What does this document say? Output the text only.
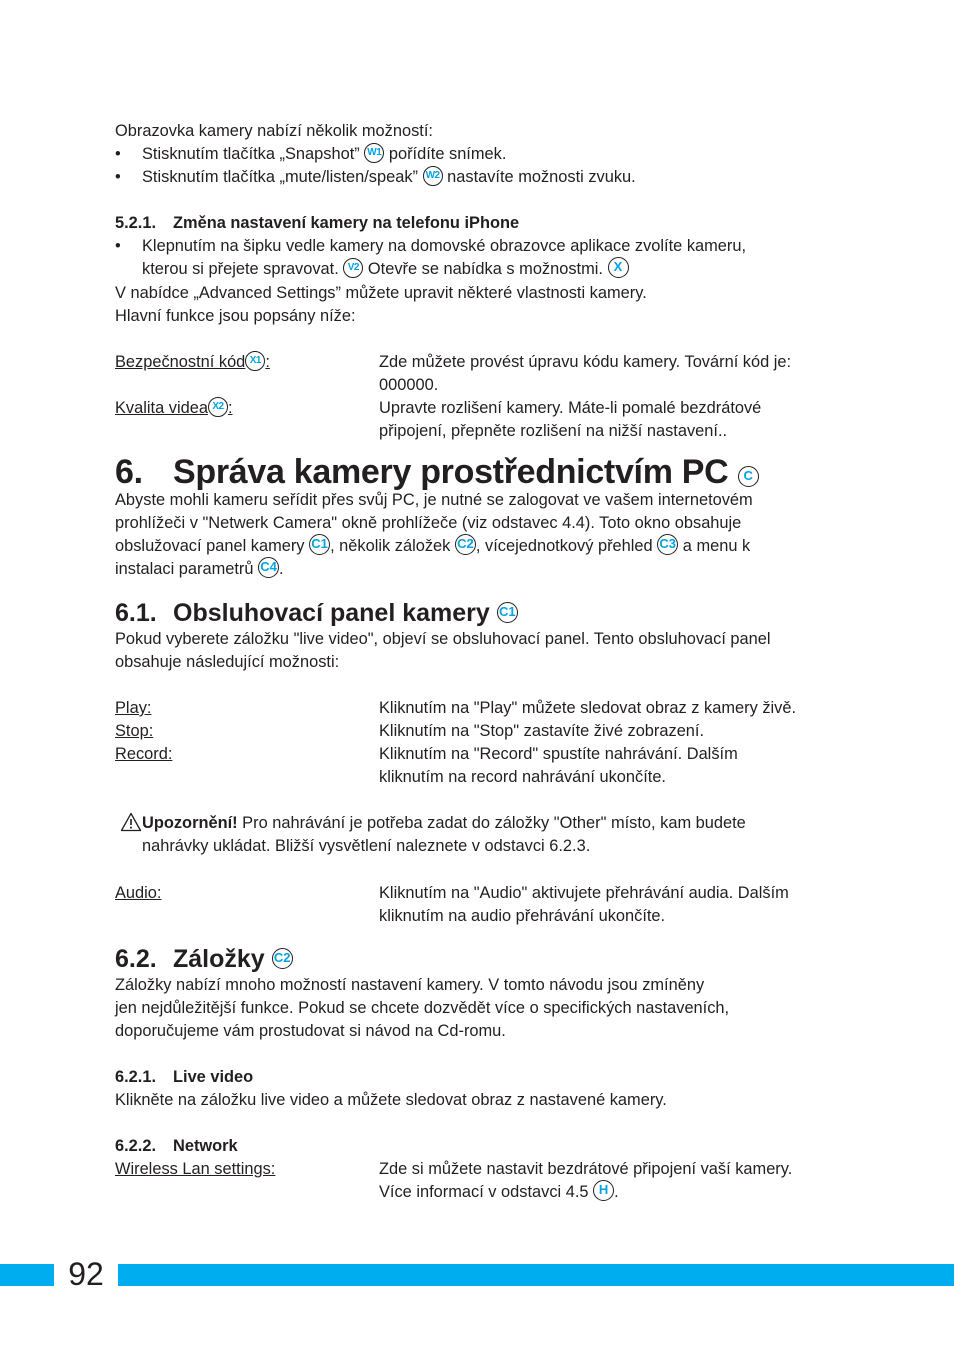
Obrazovka kamery nabízí několik možností:

• Stisknutím tlačítka „Snapshot” W1 pořídíte snímek.
• Stisknutím tlačítka „mute/listen/speak” W2 nastavíte možnosti zvuku.
5.2.1. Změna nastavení kamery na telefonu iPhone
• Klepnutím na šipku vedle kamery na domovské obrazovce aplikace zvolíte kameru,
kterou si přejete spravovat. V2 Otevře se nabídka s možnostmi. X

V nabídce „Advanced Settings” můžete upravit některé vlastnosti kamery.

Hlavní funkce jsou popsány níže:

Bezpečnostní kód X1 :	Zde můžete provést úpravu kódu kamery. Tovární kód je:
000000.
Kvalita videa X2 :	Upravte rozlišení kamery. Máte-li pomalé bezdrátové
připojení, přepněte rozlišení na nižší nastavení..
6. Správa kamery prostřednictvím PC C
Abyste mohli kameru seřídit přes svůj PC, je nutné se zalogovat ve vašem internetovém
prohlížeči v "Netwerk Camera" okně prohlížeče (viz odstavec 4.4). Toto okno obsahuje
obslužovací panel kamery C1 , několik záložek C2 , vícejednotkový přehled C3 a menu k
instalaci parametrů C4 .
6.1. Obsluhovací panel kamery C1
Pokud vyberete záložku "live video", objeví se obsluhovací panel. Tento obsluhovací panel
obsahuje následující možnosti:
Play:	Kliknutím na "Play" můžete sledovat obraz z kamery živě.
Stop:	Kliknutím na "Stop" zastavíte živé zobrazení.
Record:	Kliknutím na "Record" spustíte nahrávání. Dalším
kliknutím na record nahrávání ukončíte.
Upozornění! Pro nahrávání je potřeba zadat do záložky "Other" místo, kam budete
nahrávky ukládat. Bližší vysvětlení naleznete v odstavci 6.2.3.
Audio:	Kliknutím na "Audio" aktivujete přehrávání audia. Dalším
kliknutím na audio přehrávání ukončíte.
6.2. Záložky C2
Záložky nabízí mnoho možností nastavení kamery. V tomto návodu jsou zmíněny
jen nejdůležitější funkce. Pokud se chcete dozvědět více o specifických nastaveních,
doporučujeme vám prostudovat si návod na Cd-romu.
6.2.1. Live video

Klikněte na záložku live video a můžete sledovat obraz z nastavené kamery.

6.2.2. Network
Wireless Lan settings:	Zde si můžete nastavit bezdrátové připojení vaší kamery.
Více informací v odstavci 4.5 H .
92
